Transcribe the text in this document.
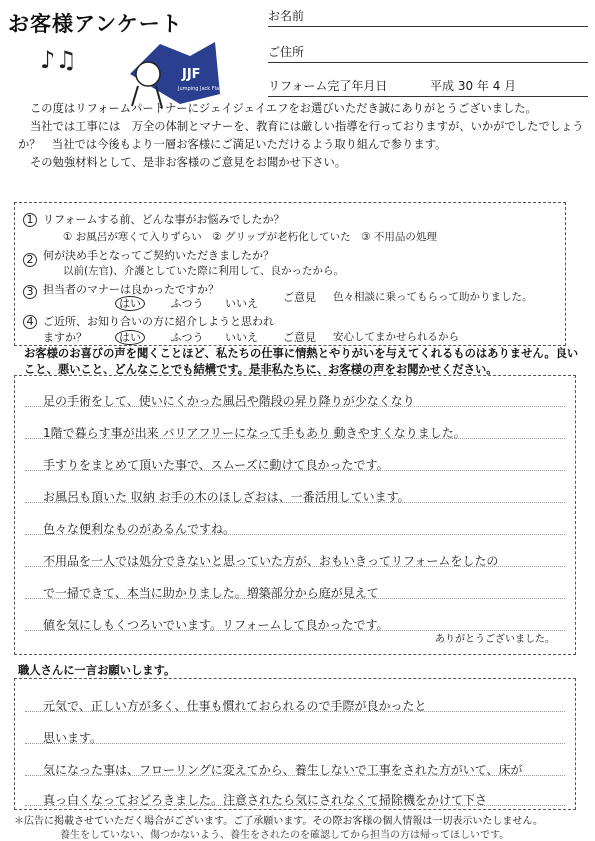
お客様アンケート
♪♫
JJF
Jumping Jack Flash
お名前
ご住所
リフォーム完了年月日	平成 30 年 4 月

この度はリフォームパートナーにジェイジェイエフをお選びいただき誠にありがとうございました。

当社では工事には　万全の体制とマナーを、教育には厳しい指導を行っておりますが、いかがでしたでしょうか？　当社では今後もより一層お客様にご満足いただけるよう取り組んで参ります。

その勉強材料として、是非お客様のご意見をお聞かせ下さい。

1 リフォームする前、どんな事がお悩みでしたか？
① お風呂が寒くて入りずらい　② グリップが老朽化していた　③ 不用品の処理
2 何が決め手となってご契約いただきましたか？
以前(左官)、介護としていた際に利用して、良かったから。
3 担当者のマナーは良かったですか？
はい	ふつう いいえ ご意見 色々相談に乗ってもらって助かりました。
4 ご近所、お知り合いの方に紹介しようと思われますか？	はい	ふつう いいえ ご意見 安心してまかせられるから
お客様のお喜びの声を聞くことほど、私たちの仕事に情熱とやりがいを与えてくれるものはありません。良いこと、悪いこと、どんなことでも結構です。是非私たちに、お客様の声をお聞かせください。
足の手術をして、使いにくかった風呂や階段の昇り降りが少なくなり
1階で暮らす事が出来 バリアフリーになって手もあり 動きやすくなりました。
手すりをまとめて頂いた事で、スムーズに動けて良かったです。
お風呂も頂いた 収納 お手の木のほしざおは、一番活用しています。
色々な便利なものがあるんですね。
不用品を一人では処分できないと思っていた方が、おもいきってリフォームをしたの
で一掃できて、本当に助かりました。増築部分から庭が見えて
値を気にしもくつろいでいます。リフォームして良かったです。
ありがとうございました。
職人さんに一言お願いします。
元気で、正しい方が多く、仕事も慣れておられるので手際が良かったと
思います。
気になった事は、フローリングに変えてから、養生しないで工事をされた方がいて、床が
真っ白くなっておどろきました。注意されたら気にされなくて掃除機をかけて下さ
＊広告に掲載させていただく場合がございます。ご了承願います。その際お客様の個人情報は一切表示いたしません。
養生をしていない、傷つかないよう、養生をされたのを確認してから担当の方は帰ってほしいです。
